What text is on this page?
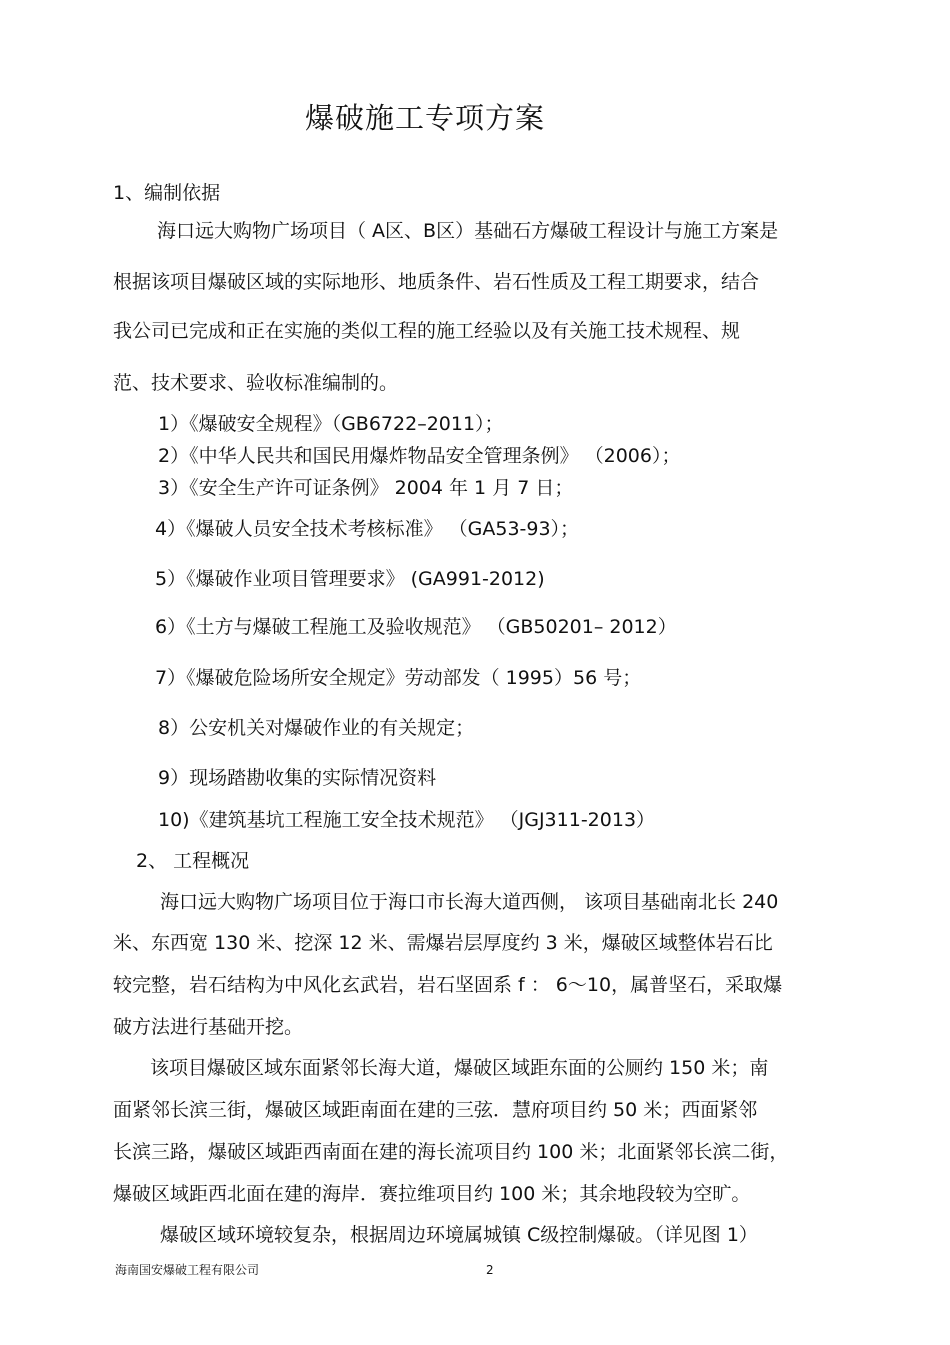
爆破施工专项方案
1、编制依据
海口远大购物广场项目（ A区、B区）基础石方爆破工程设计与施工方案是
根据该项目爆破区域的实际地形、地质条件、岩石性质及工程工期要求，结合
我公司已完成和正在实施的类似工程的施工经验以及有关施工技术规程、规
范、技术要求、验收标准编制的。
1）《爆破安全规程》（GB6722–2011）；
2）《中华人民共和国民用爆炸物品安全管理条例》 （2006）；
3）《安全生产许可证条例》 2004 年 1 月 7 日；
4）《爆破人员安全技术考核标准》 （GA53-93）；
5）《爆破作业项目管理要求》 (GA991-2012)
6）《土方与爆破工程施工及验收规范》 （GB50201– 2012）
7）《爆破危险场所安全规定》劳动部发（ 1995）56 号；
8）公安机关对爆破作业的有关规定；
9）现场踏勘收集的实际情况资料
10)《建筑基坑工程施工安全技术规范》 （JGJ311-2013）
2、 工程概况
海口远大购物广场项目位于海口市长海大道西侧， 该项目基础南北长 240
米、东西宽 130 米、挖深 12 米、需爆岩层厚度约 3 米，爆破区域整体岩石比
较完整，岩石结构为中风化玄武岩，岩石坚固系 f ： 6～10，属普坚石，采取爆
破方法进行基础开挖。
该项目爆破区域东面紧邻长海大道，爆破区域距东面的公厕约 150 米；南
面紧邻长滨三街，爆破区域距南面在建的三弦．慧府项目约 50 米；西面紧邻
长滨三路，爆破区域距西南面在建的海长流项目约 100 米；北面紧邻长滨二街，
爆破区域距西北面在建的海岸．赛拉维项目约 100 米；其余地段较为空旷。
爆破区域环境较复杂，根据周边环境属城镇 C级控制爆破。（详见图 1）
海南国安爆破工程有限公司	2
